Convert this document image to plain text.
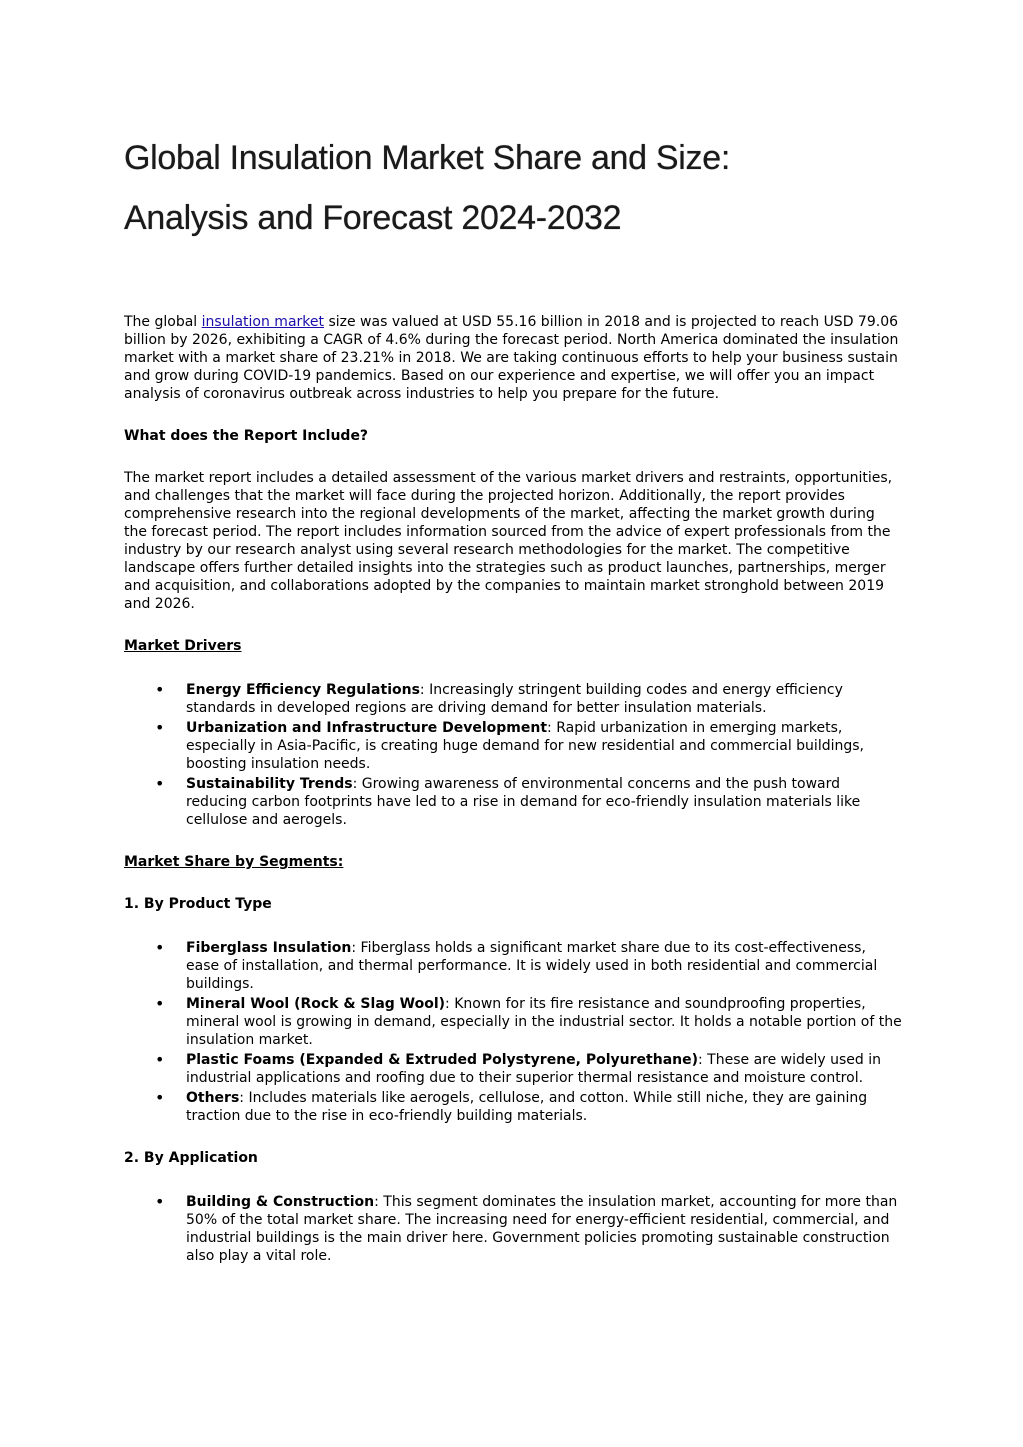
Global Insulation Market Share and Size:
Analysis and Forecast 2024-2032

The global insulation market size was valued at USD 55.16 billion in 2018 and is projected to reach USD 79.06 billion by 2026, exhibiting a CAGR of 4.6% during the forecast period. North America dominated the insulation market with a market share of 23.21% in 2018. We are taking continuous efforts to help your business sustain and grow during COVID-19 pandemics. Based on our experience and expertise, we will offer you an impact analysis of coronavirus outbreak across industries to help you prepare for the future.

What does the Report Include?

The market report includes a detailed assessment of the various market drivers and restraints, opportunities, and challenges that the market will face during the projected horizon. Additionally, the report provides comprehensive research into the regional developments of the market, affecting the market growth during the forecast period. The report includes information sourced from the advice of expert professionals from the industry by our research analyst using several research methodologies for the market. The competitive landscape offers further detailed insights into the strategies such as product launches, partnerships, merger and acquisition, and collaborations adopted by the companies to maintain market stronghold between 2019 and 2026.

Market Drivers

• Energy Efficiency Regulations: Increasingly stringent building codes and energy efficiency standards in developed regions are driving demand for better insulation materials.
• Urbanization and Infrastructure Development: Rapid urbanization in emerging markets, especially in Asia-Pacific, is creating huge demand for new residential and commercial buildings, boosting insulation needs.
• Sustainability Trends: Growing awareness of environmental concerns and the push toward reducing carbon footprints have led to a rise in demand for eco-friendly insulation materials like cellulose and aerogels.

Market Share by Segments:

1. By Product Type

• Fiberglass Insulation: Fiberglass holds a significant market share due to its cost-effectiveness, ease of installation, and thermal performance. It is widely used in both residential and commercial buildings.
• Mineral Wool (Rock & Slag Wool): Known for its fire resistance and soundproofing properties, mineral wool is growing in demand, especially in the industrial sector. It holds a notable portion of the insulation market.
• Plastic Foams (Expanded & Extruded Polystyrene, Polyurethane): These are widely used in industrial applications and roofing due to their superior thermal resistance and moisture control.
• Others: Includes materials like aerogels, cellulose, and cotton. While still niche, they are gaining traction due to the rise in eco-friendly building materials.

2. By Application

• Building & Construction: This segment dominates the insulation market, accounting for more than 50% of the total market share. The increasing need for energy-efficient residential, commercial, and industrial buildings is the main driver here. Government policies promoting sustainable construction also play a vital role.
